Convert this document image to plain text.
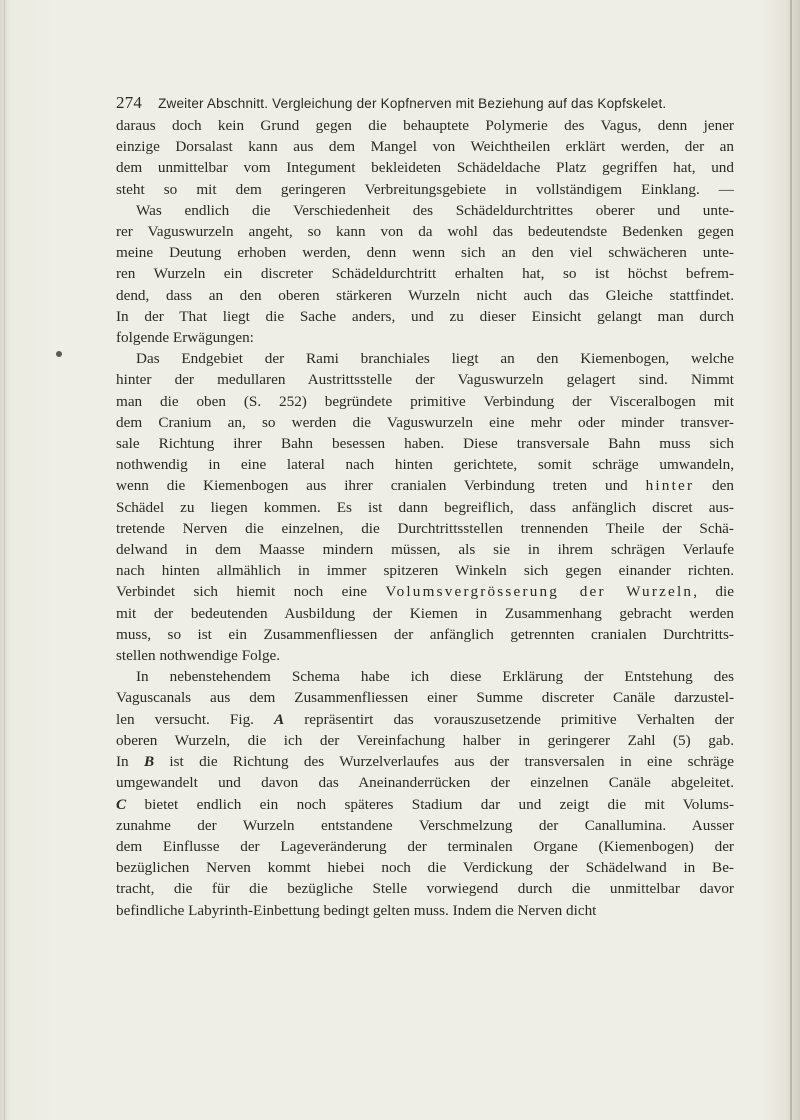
274 Zweiter Abschnitt. Vergleichung der Kopfnerven mit Beziehung auf das Kopfskelet.
daraus doch kein Grund gegen die behauptete Polymerie des Vagus, denn jener
einzige Dorsalast kann aus dem Mangel von Weichtheilen erklärt werden, der an
dem unmittelbar vom Integument bekleideten Schädeldache Platz gegriffen hat, und
steht so mit dem geringeren Verbreitungsgebiete in vollständigem Einklang. —
Was endlich die Verschiedenheit des Schädeldurchtrittes oberer und unte-
rer Vaguswurzeln angeht, so kann von da wohl das bedeutendste Bedenken gegen
meine Deutung erhoben werden, denn wenn sich an den viel schwächeren unte-
ren Wurzeln ein discreter Schädeldurchtritt erhalten hat, so ist höchst befrem-
dend, dass an den oberen stärkeren Wurzeln nicht auch das Gleiche stattfindet.
In der That liegt die Sache anders, und zu dieser Einsicht gelangt man durch
folgende Erwägungen:
Das Endgebiet der Rami branchiales liegt an den Kiemenbogen, welche
hinter der medullaren Austrittsstelle der Vaguswurzeln gelagert sind. Nimmt
man die oben (S. 252) begründete primitive Verbindung der Visceralbogen mit
dem Cranium an, so werden die Vaguswurzeln eine mehr oder minder transver-
sale Richtung ihrer Bahn besessen haben. Diese transversale Bahn muss sich
nothwendig in eine lateral nach hinten gerichtete, somit schräge umwandeln,
wenn die Kiemenbogen aus ihrer cranialen Verbindung treten und hinter den
Schädel zu liegen kommen. Es ist dann begreiflich, dass anfänglich discret aus-
tretende Nerven die einzelnen, die Durchtrittsstellen trennenden Theile der Schä-
delwand in dem Maasse mindern müssen, als sie in ihrem schrägen Verlaufe
nach hinten allmählich in immer spitzeren Winkeln sich gegen einander richten.
Verbindet sich hiemit noch eine Volumsvergrösserung der Wurzeln, die
mit der bedeutenden Ausbildung der Kiemen in Zusammenhang gebracht werden
muss, so ist ein Zusammenfliessen der anfänglich getrennten cranialen Durchtritts-
stellen nothwendige Folge.
In nebenstehendem Schema habe ich diese Erklärung der Entstehung des
Vaguscanals aus dem Zusammenfliessen einer Summe discreter Canäle darzustel-
len versucht. Fig. A repräsentirt das vorauszusetzende primitive Verhalten der
oberen Wurzeln, die ich der Vereinfachung halber in geringerer Zahl (5) gab.
In B ist die Richtung des Wurzelverlaufes aus der transversalen in eine schräge
umgewandelt und davon das Aneinanderrücken der einzelnen Canäle abgeleitet.
C bietet endlich ein noch späteres Stadium dar und zeigt die mit Volums-
zunahme der Wurzeln entstandene Verschmelzung der Canallumina. Ausser
dem Einflusse der Lageveränderung der terminalen Organe (Kiemenbogen) der
bezüglichen Nerven kommt hiebei noch die Verdickung der Schädelwand in Be-
tracht, die für die bezügliche Stelle vorwiegend durch die unmittelbar davor
befindliche Labyrinth-Einbettung bedingt gelten muss. Indem die Nerven dicht
